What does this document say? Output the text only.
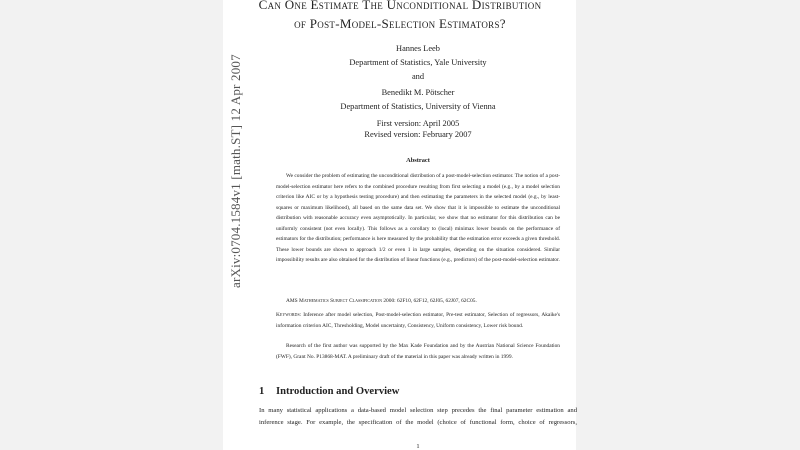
arXiv:0704.1584v1 [math.ST] 12 Apr 2007
Can One Estimate The Unconditional Distribution
of Post-Model-Selection Estimators?
Hannes Leeb
Department of Statistics, Yale University
and
Benedikt M. Pötscher
Department of Statistics, University of Vienna
First version: April 2005
Revised version: February 2007
Abstract
We consider the problem of estimating the unconditional distribution of a post-model-selection estimator. The notion of a post-model-selection estimator here refers to the combined procedure resulting from first selecting a model (e.g., by a model selection criterion like AIC or by a hypothesis testing procedure) and then estimating the parameters in the selected model (e.g., by least-squares or maximum likelihood), all based on the same data set. We show that it is impossible to estimate the unconditional distribution with reasonable accuracy even asymptotically. In particular, we show that no estimator for this distribution can be uniformly consistent (not even locally). This follows as a corollary to (local) minimax lower bounds on the performance of estimators for the distribution; performance is here measured by the probability that the estimation error exceeds a given threshold. These lower bounds are shown to approach 1/2 or even 1 in large samples, depending on the situation considered. Similar impossibility results are also obtained for the distribution of linear functions (e.g., predictors) of the post-model-selection estimator.
AMS Mathematics Subject Classification 2000: 62F10, 62F12, 62J05, 62J07, 62C05.
Keywords: Inference after model selection, Post-model-selection estimator, Pre-test estimator, Selection of regressors, Akaike's information criterion AIC, Thresholding, Model uncertainty, Consistency, Uniform consistency, Lower risk bound.
Research of the first author was supported by the Max Kade Foundation and by the Austrian National Science Foundation (FWF), Grant No. P13868-MAT. A preliminary draft of the material in this paper was already written in 1999.
1 Introduction and Overview
In many statistical applications a data-based model selection step precedes the final parameter estimation and
inference stage. For example, the specification of the model (choice of functional form, choice of regressors,
1
